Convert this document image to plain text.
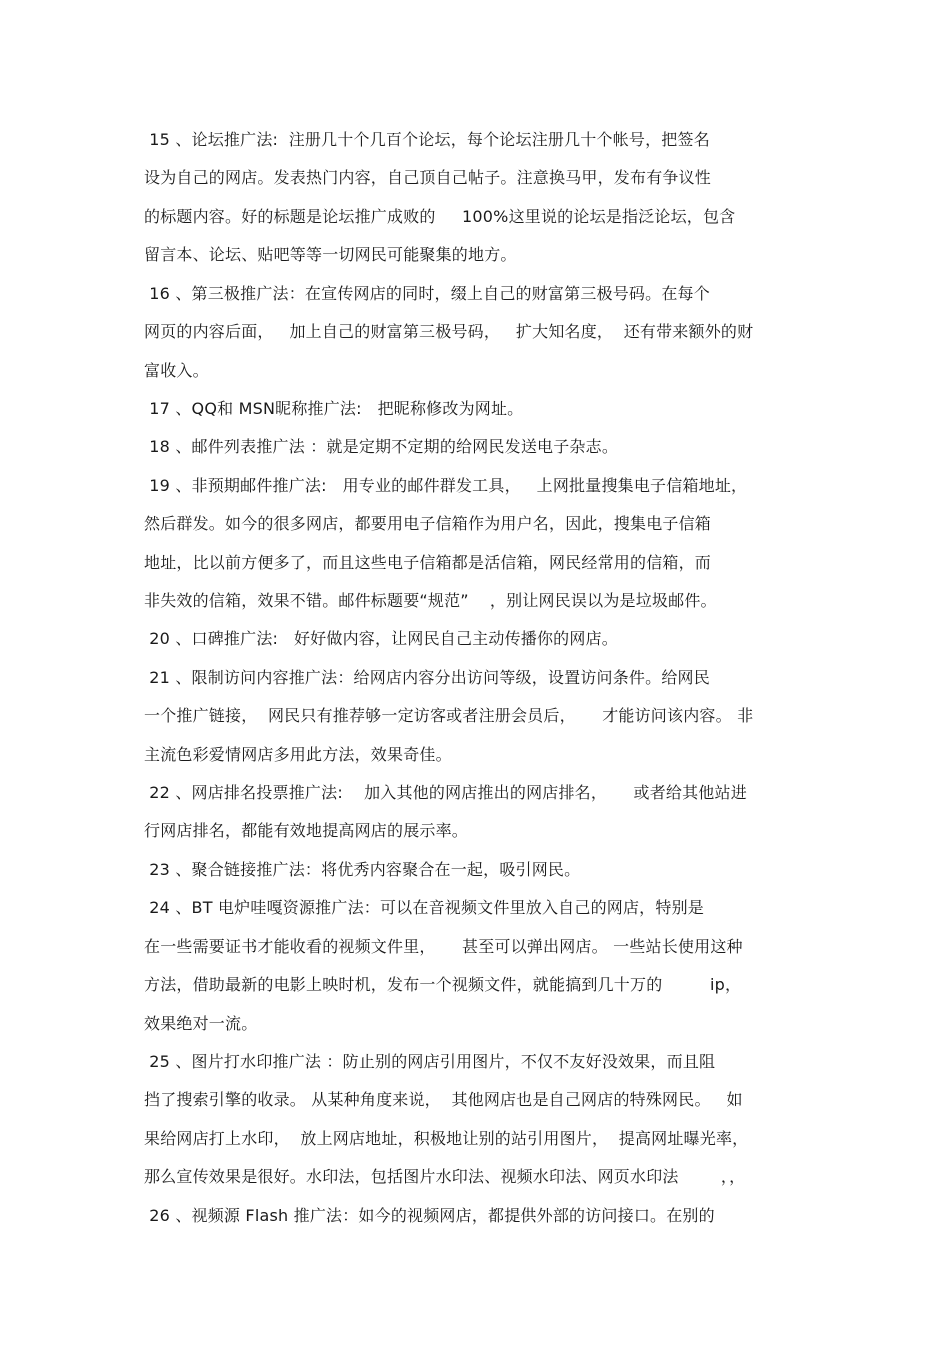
15 、论坛推广法:  注册几十个几百个论坛，每个论坛注册几十个帐号，把签名
设为自己的网店。发表热门内容，自己顶自己帖子。注意换马甲，发布有争议性
的标题内容。好的标题是论坛推广成败的     100%这里说的论坛是指泛论坛，包含
留言本、论坛、贴吧等等一切网民可能聚集的地方。
16 、第三极推广法：在宣传网店的同时，缀上自己的财富第三极号码。在每个
网页的内容后面，   加上自己的财富第三极号码，   扩大知名度，  还有带来额外的财
富收入。
17 、QQ和 MSN昵称推广法:   把昵称修改为网址。
18 、邮件列表推广法 ：就是定期不定期的给网民发送电子杂志。
19 、非预期邮件推广法:   用专业的邮件群发工具，   上网批量搜集电子信箱地址，
然后群发。如今的很多网店，都要用电子信箱作为用户名，因此，搜集电子信箱
地址，比以前方便多了，而且这些电子信箱都是活信箱，网民经常用的信箱，而
非失效的信箱，效果不错。邮件标题要“规范”    ，别让网民误以为是垃圾邮件。
20 、口碑推广法:   好好做内容，让网民自己主动传播你的网店。
21 、限制访问内容推广法：给网店内容分出访问等级，设置访问条件。给网民
一个推广链接，  网民只有推荐够一定访客或者注册会员后，     才能访问该内容。 非
主流色彩爱情网店多用此方法，效果奇佳。
22 、网店排名投票推广法:    加入其他的网店推出的网店排名，     或者给其他站进
行网店排名，都能有效地提高网店的展示率。
23 、聚合链接推广法：将优秀内容聚合在一起，吸引网民。
24 、BT 电炉哇嘎资源推广法：可以在音视频文件里放入自己的网店，特别是
在一些需要证书才能收看的视频文件里，     甚至可以弹出网店。 一些站长使用这种
方法，借助最新的电影上映时机，发布一个视频文件，就能搞到几十万的         ip，
效果绝对一流。
25 、图片打水印推广法 ：防止别的网店引用图片，不仅不友好没效果，而且阻
挡了搜索引擎的收录。 从某种角度来说，  其他网店也是自己网店的特殊网民。   如
果给网店打上水印，  放上网店地址，积极地让别的站引用图片，  提高网址曝光率，
那么宣传效果是很好。水印法，包括图片水印法、视频水印法、网页水印法        ，，
26 、视频源 Flash 推广法：如今的视频网店，都提供外部的访问接口。在别的
